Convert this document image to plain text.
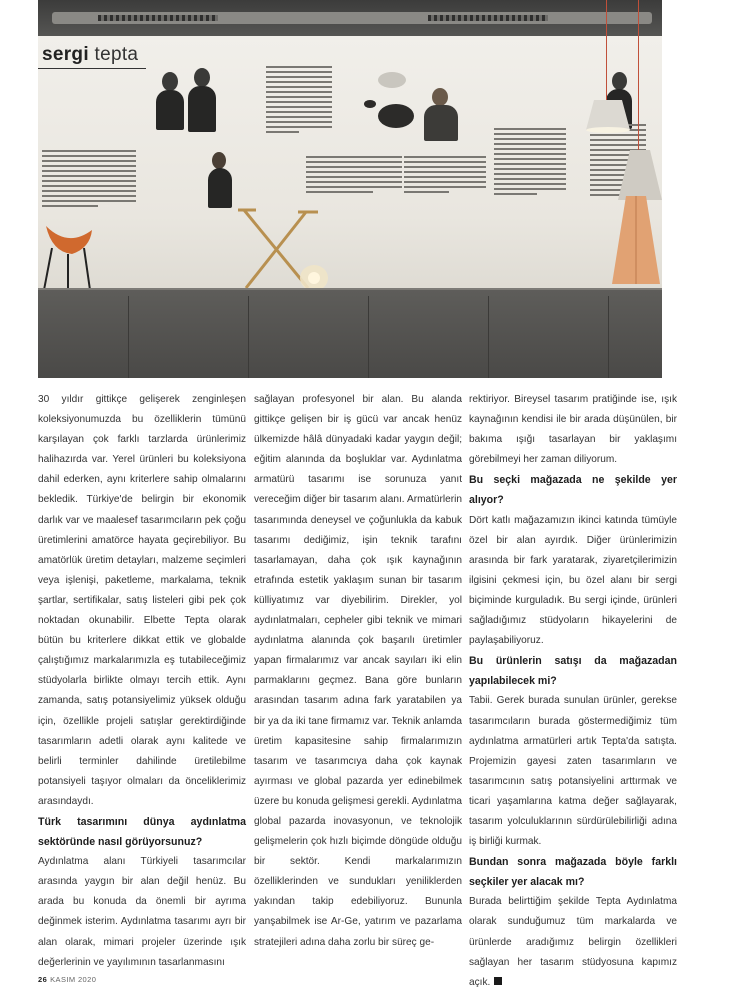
sergi tepta

30 yıldır gittikçe gelişerek zenginleşen koleksiyonumuzda bu özelliklerin tümünü karşılayan çok farklı tarzlarda ürünlerimiz halihazırda var. Yerel ürünleri bu koleksiyona dahil ederken, aynı kriterlere sahip olmalarını bekledik. Türkiye'de belirgin bir ekonomik darlık var ve maalesef tasarımcıların pek çoğu üretimlerini amatörce hayata geçirebiliyor. Bu amatörlük üretim detayları, malzeme seçimleri veya işlenişi, paketleme, markalama, teknik şartlar, sertifikalar, satış listeleri gibi pek çok noktadan okunabilir. Elbette Tepta olarak bütün bu kriterlere dikkat ettik ve globalde çalıştığımız markalarımızla eş tutabileceğimiz stüdyolarla birlikte olmayı tercih ettik. Aynı zamanda, satış potansiyelimiz yüksek olduğu için, özellikle projeli satışlar gerektirdiğinde tasarımların adetli olarak aynı kalitede ve belirli terminler dahilinde üretilebilme potansiyeli taşıyor olmaları da önceliklerimiz arasındaydı.

Türk tasarımını dünya aydınlatma sektöründe nasıl görüyorsunuz?

Aydınlatma alanı Türkiyeli tasarımcılar arasında yaygın bir alan değil henüz. Bu arada bu konuda da önemli bir ayrıma değinmek isterim. Aydınlatma tasarımı ayrı bir alan olarak, mimari projeler üzerinde ışık değerlerinin ve yayılımının tasarlanmasını

sağlayan profesyonel bir alan. Bu alanda gittikçe gelişen bir iş gücü var ancak henüz ülkemizde hâlâ dünyadaki kadar yaygın değil; eğitim alanında da boşluklar var. Aydınlatma armatürü tasarımı ise sorunuza yanıt vereceğim diğer bir tasarım alanı. Armatürlerin tasarımında deneysel ve çoğunlukla da kabuk tasarımı dediğimiz, işin teknik tarafını tasarlamayan, daha çok ışık kaynağının etrafında estetik yaklaşım sunan bir tasarım külliyatımız var diyebilirim. Direkler, yol aydınlatmaları, cepheler gibi teknik ve mimari aydınlatma alanında çok başarılı üretimler yapan firmalarımız var ancak sayıları iki elin parmaklarını geçmez. Bana göre bunların arasından tasarım adına fark yaratabilen ya bir ya da iki tane firmamız var. Teknik anlamda üretim kapasitesine sahip firmalarımızın tasarım ve tasarımcıya daha çok kaynak ayırması ve global pazarda yer edinebilmek üzere bu konuda gelişmesi gerekli. Aydınlatma global pazarda inovasyonun, ve teknolojik gelişmelerin çok hızlı biçimde döngüde olduğu bir sektör. Kendi markalarımızın özelliklerinden ve sundukları yeniliklerden yakından takip edebiliyoruz. Bununla yanşabilmek ise Ar-Ge, yatırım ve pazarlama stratejileri adına daha zorlu bir süreç ge-

rektiriyor. Bireysel tasarım pratiğinde ise, ışık kaynağının kendisi ile bir arada düşünülen, bir bakıma ışığı tasarlayan bir yaklaşımı görebilmeyi her zaman diliyorum.

Bu seçki mağazada ne şekilde yer alıyor?

Dört katlı mağazamızın ikinci katında tümüyle özel bir alan ayırdık. Diğer ürünlerimizin arasında bir fark yaratarak, ziyaretçilerimizin ilgisini çekmesi için, bu özel alanı bir sergi biçiminde kurguladık. Bu sergi içinde, ürünleri sağladığımız stüdyoların hikayelerini de paylaşabiliyoruz.

Bu ürünlerin satışı da mağazadan yapılabilecek mi?

Tabii. Gerek burada sunulan ürünler, gerekse tasarımcıların burada göstermediğimiz tüm aydınlatma armatürleri artık Tepta'da satışta. Projemizin gayesi zaten tasarımların ve tasarımcının satış potansiyelini arttırmak ve ticari yaşamlarına katma değer sağlayarak, tasarım yolculuklarının sürdürülebilirliği adına iş birliği kurmak.

Bundan sonra mağazada böyle farklı seçkiler yer alacak mı?

Burada belirttiğim şekilde Tepta Aydınlatma olarak sunduğumuz tüm markalarda ve ürünlerde aradığımız belirgin özellikleri sağlayan her tasarım stüdyosuna kapımız açık.

26 KASIM 2020
